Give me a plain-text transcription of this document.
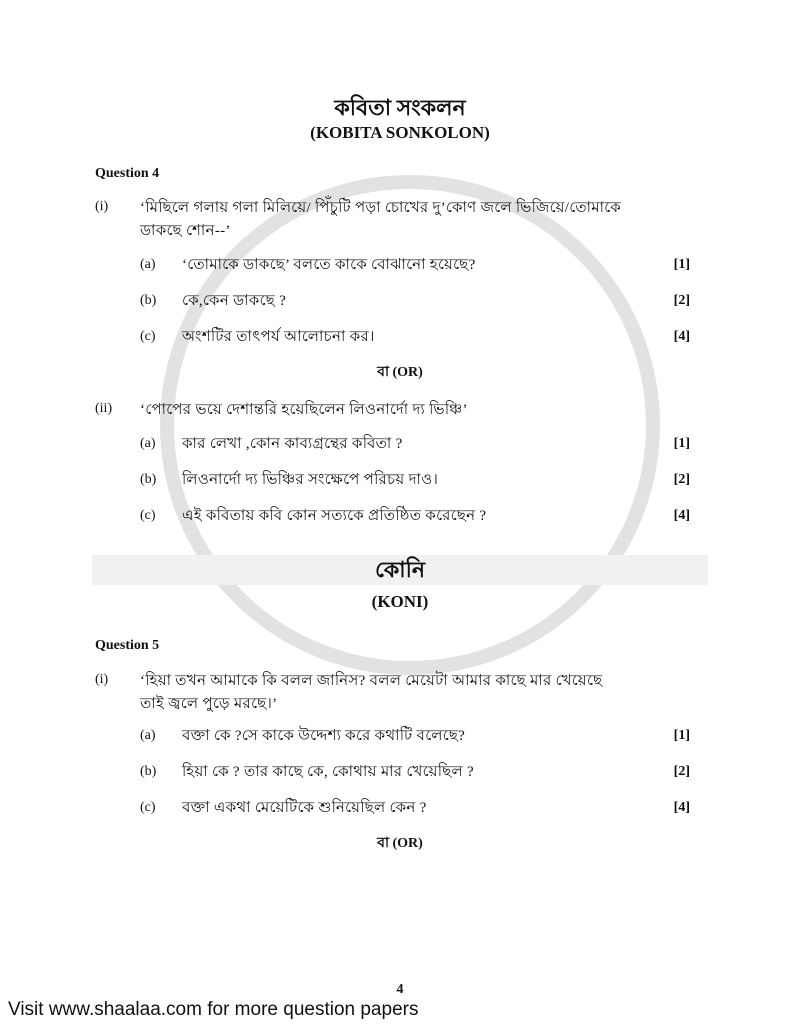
কবিতা সংকলন
(KOBITA SONKOLON)
Question 4
(i)	‘মিছিলে গলায় গলা মিলিয়ে/ পিঁচুটি পড়া চোখের দু’কোণ জলে ভিজিয়ে/তোমাকে
ডাকছে শোন--’
(a)	‘তোমাকে ডাকছে’ বলতে কাকে বোঝানো হয়েছে?	[1]
(b)	কে,কেন ডাকছে ?	[2]
(c)	অংশটির তাৎপর্য আলোচনা কর।	[4]
বা (OR)
(ii)	‘পোপের ভয়ে দেশান্তরি হয়েছিলেন লিওনার্দো দ্য ভিঞ্চি’
(a)	কার লেখা ,কোন কাব্যগ্রন্থের কবিতা ?	[1]
(b)	লিওনার্দো দ্য ভিঞ্চির সংক্ষেপে পরিচয় দাও।	[2]
(c)	এই কবিতায় কবি কোন সত্যকে প্রতিষ্ঠিত করেছেন ?	[4]
কোনি
(KONI)
Question 5
(i)	‘হিয়া তখন আমাকে কি বলল জানিস? বলল মেয়েটা আমার কাছে মার খেয়েছে
তাই জ্বলে পুড়ে মরছে।’
(a)	বক্তা কে ?সে কাকে উদ্দেশ্য করে কথাটি বলেছে?	[1]
(b)	হিয়া কে ? তার কাছে কে, কোথায় মার খেয়েছিল ?	[2]
(c)	বক্তা একথা মেয়েটিকে শুনিয়েছিল কেন ?	[4]
বা (OR)
4
Visit www.shaalaa.com for more question papers
